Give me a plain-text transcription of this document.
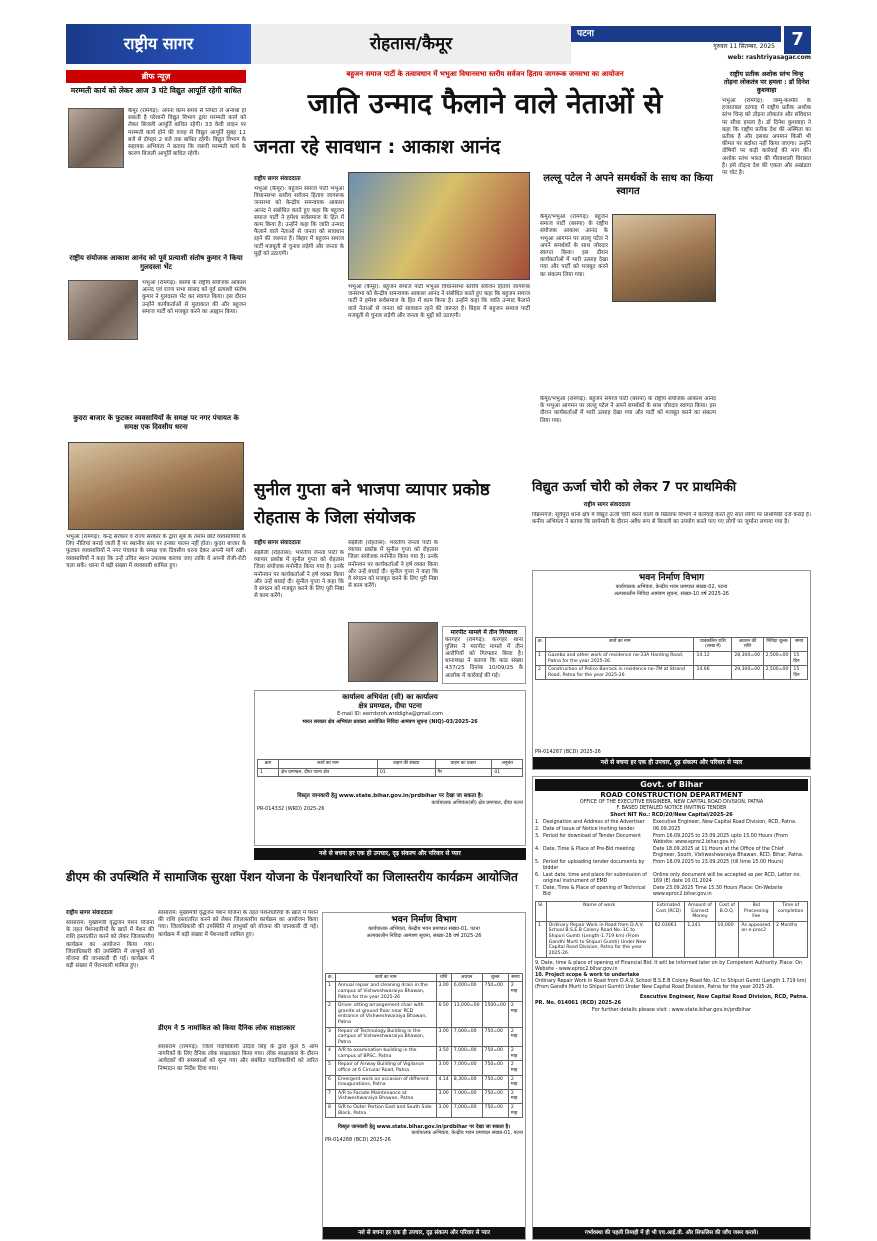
राष्ट्रीय सागर	रोहतास/कैमूर	पटना
गुरुवार 11 सितम्बर, 2025
web: rashtriyasagar.com
7
ब्रीफ न्यूज़
मरम्मती कार्य को लेकर आज 3 घंटे विद्युत आपूर्ति रहेगी बाधित
कैमूर (रामगढ़): अपना काम समय से निपटा लें अन्यथा हो सकती है परेशानी विद्युत विभाग द्वारा मरम्मती कार्य को लेकर बिजली आपूर्ति बाधित रहेगी। 33 केवी लाइन पर मरम्मती कार्य होने की वजह से विद्युत आपूर्ति सुबह 11 बजे से दोपहर 2 बजे तक बाधित रहेगी। विद्युत विभाग के सहायक अभियंता ने बताया कि जरूरी मरम्मती कार्य के कारण बिजली आपूर्ति बाधित रहेगी।
राष्ट्रीय संयोजक आकाश आनंद को पूर्व प्रत्याशी संतोष कुमार ने किया गुलदस्ता भेंट
भभुआ (रामगढ़): बसपा के राष्ट्रीय संयोजक आकाश आनंद एवं राज्य सभा सांसद को पूर्व प्रत्याशी संतोष कुमार ने गुलदस्ता भेंट कर स्वागत किया। इस दौरान उन्होंने कार्यकर्ताओं से मुलाकात की और बहुजन समाज पार्टी को मजबूत करने का आह्वान किया।
कुदरा बाजार के फुटकर व्यवसायियों के समक्ष पर नगर पंचायत के समक्ष एक दिवसीय धरना
भभुआ (रामगढ़): केन्द्र सरकार व राज्य सरकार के द्वारा सूबे के तमाम छोटे व्यवसायियों के लिए नीतियां बनाई जाती हैं पर स्थानीय स्तर पर इनका पालन नहीं होता। कुदरा बाजार के फुटकर व्यवसायियों ने नगर पंचायत के समक्ष एक दिवसीय धरना देकर अपनी मांगें रखीं। व्यवसायियों ने कहा कि उन्हें उचित स्थान उपलब्ध कराया जाए ताकि वे अपनी रोजी-रोटी चला सकें। धरना में बड़ी संख्या में व्यवसायी शामिल हुए।
बहुजन समाज पार्टी के तत्वावधान में भभुआ विधानसभा स्तरीय सर्वजन हिताय जागरूक जनसभा का आयोजन
जाति उन्माद फैलाने वाले नेताओं से
जनता रहे सावधान : आकाश आनंद
राष्ट्रीय सागर संवाददाता
भभुआ (कैमूर): बहुजन समाज पार्टी भभुआ विधानसभा स्तरीय सर्वजन हिताय जागरूक जनसभा को केन्द्रीय समन्वयक आकाश आनंद ने संबोधित करते हुए कहा कि बहुजन समाज पार्टी ने हमेशा सर्वसमाज के हित में काम किया है। उन्होंने कहा कि जाति उन्माद फैलाने वाले नेताओं से जनता को सावधान रहने की जरूरत है। बिहार में बहुजन समाज पार्टी मजबूती से चुनाव लड़ेगी और जनता के मुद्दों को उठाएगी।
भभुआ (कैमूर): बहुजन समाज पार्टी भभुआ विधानसभा स्तरीय सर्वजन हिताय जागरूक जनसभा को केन्द्रीय समन्वयक आकाश आनंद ने संबोधित करते हुए कहा कि बहुजन समाज पार्टी ने हमेशा सर्वसमाज के हित में काम किया है। उन्होंने कहा कि जाति उन्माद फैलाने वाले नेताओं से जनता को सावधान रहने की जरूरत है। बिहार में बहुजन समाज पार्टी मजबूती से चुनाव लड़ेगी और जनता के मुद्दों को उठाएगी।
लल्लू पटेल ने अपने समर्थकों के साथ का किया स्वागत
कैमूर/भभुआ (रामगढ़): बहुजन समाज पार्टी (बसपा) के राष्ट्रीय संयोजक आकाश आनंद के भभुआ आगमन पर लल्लू पटेल ने अपने समर्थकों के साथ जोरदार स्वागत किया। इस दौरान कार्यकर्ताओं में भारी उत्साह देखा गया और पार्टी को मजबूत करने का संकल्प लिया गया।
कैमूर/भभुआ (रामगढ़): बहुजन समाज पार्टी (बसपा) के राष्ट्रीय संयोजक आकाश आनंद के भभुआ आगमन पर लल्लू पटेल ने अपने समर्थकों के साथ जोरदार स्वागत किया। इस दौरान कार्यकर्ताओं में भारी उत्साह देखा गया और पार्टी को मजबूत करने का संकल्प लिया गया।
राष्ट्रीय प्रतीक अशोक स्तंभ चिन्ह तोड़ना लोकतंत्र पर हमला : डॉ दिनेश कुशवाहा
भभुआ (रामगढ़): जम्मू-कश्मीर के हजरतबल दरगाह में राष्ट्रीय प्रतीक अशोक स्तंभ चिन्ह को तोड़ना लोकतंत्र और संविधान पर सीधा हमला है। डॉ दिनेश कुशवाहा ने कहा कि राष्ट्रीय प्रतीक देश की अस्मिता का प्रतीक है और इसका अपमान किसी भी कीमत पर बर्दाश्त नहीं किया जाएगा। उन्होंने दोषियों पर कड़ी कार्रवाई की मांग की। अशोक स्तंभ भारत की गौरवशाली विरासत है। इसे तोड़ना देश की एकता और अखंडता पर चोट है।
सुनील गुप्ता बने भाजपा व्यापार प्रकोष्ठ रोहतास के जिला संयोजक
राष्ट्रीय सागर संवाददाता
संझौली (रोहतास): भारतीय जनता पार्टी के व्यापार प्रकोष्ठ में सुनील गुप्ता को रोहतास जिला संयोजक मनोनीत किया गया है। उनके मनोनयन पर कार्यकर्ताओं ने हर्ष व्यक्त किया और उन्हें बधाई दी। सुनील गुप्ता ने कहा कि वे संगठन को मजबूत करने के लिए पूरी निष्ठा से काम करेंगे।
संझौली (रोहतास): भारतीय जनता पार्टी के व्यापार प्रकोष्ठ में सुनील गुप्ता को रोहतास जिला संयोजक मनोनीत किया गया है। उनके मनोनयन पर कार्यकर्ताओं ने हर्ष व्यक्त किया और उन्हें बधाई दी। सुनील गुप्ता ने कहा कि वे संगठन को मजबूत करने के लिए पूरी निष्ठा से काम करेंगे।
मारपीट मामले में तीन गिरफ्तार
करगहर (रामगढ़): करगहर थाना पुलिस ने मारपीट मामले में तीन आरोपियों को गिरफ्तार किया है। थानाध्यक्ष ने बताया कि कांड संख्या 437/25 दिनांक 10/09/25 के आलोक में कार्रवाई की गई।
विद्युत ऊर्जा चोरी को लेकर 7 पर प्राथमिकी
राष्ट्रीय सागर संवाददाता
विक्रमगंज: सूर्यपुरा थाना क्षेत्र में विद्युत ऊर्जा चोरी करने वालों के खिलाफ विभाग ने कार्रवाई करते हुए सात लोगों पर प्राथमिकी दर्ज कराई है। कनीय अभियंता ने बताया कि छापेमारी के दौरान अवैध रूप से बिजली का उपयोग करते पाए गए लोगों पर जुर्माना लगाया गया है।
भवन निर्माण विभाग
कार्यपालक अभियंता, केन्द्रीय भवन प्रमण्डल संख्या-02, पटना
अल्पकालीन निविदा आमंत्रण सूचना, संख्या-10 वर्ष 2025-26
क्र.	कार्य का नाम	प्राक्कलित राशि (लाख में)	अग्रधन की राशि	निविदा शुल्क	समय
1	Gazebo and other work of residence no-33A Harding Road, Patna for the year 2025-26	14.12	28,300=00	2,500=00	15 दिन
2	Construction of Police Barrack in residence no-7M at Strand Road, Patna for the year 2025-26	14.66	29,300=00	2,500=00	15 दिन
PR-014267 (BCD) 2025-26
नशे से बचना हर एक ही उपचार, दृढ़ संकल्प और परिवार से प्यार
कार्यालय अभियंता (सी) का कार्यालय
क्षेत्र प्रमण्डल, दीघा पटना
E-mail ID: eerrdsroh.wrddigha@gmail.com
भारत सरकार क्षेत्र अभियंता प्रवक्ता आयोजित निविदा आमंत्रण सूचना (NIQ)-03/2025-26
क्रम	कार्य का नाम	वाहन की संख्या	वाहन का प्रकार	अनुबंध
1	क्षेत्र प्रमण्डल, दीघा पटना क्षेत्र	01	गैर	01
विस्तृत जानकारी हेतु www.state.bihar.gov.in/prdbihar पर देखा जा सकता है।
कार्यपालक अभियंता(सी) क्षेत्र प्रमण्डल, दीघा पटना
PR-014332 (WRD) 2025-26
नशे से बचना हर एक ही उपचार, दृढ़ संकल्प और परिवार से प्यार
डीएम की उपस्थिति में सामाजिक सुरक्षा पेंशन योजना के पेंशनधारियों का जिलास्तरीय कार्यक्रम आयोजित
राष्ट्रीय सागर संवाददाता
सासाराम: मुख्यमंत्री वृद्धजन पेंशन योजना के तहत पेंशनधारियों के खाते में पेंशन की राशि हस्तांतरित करने को लेकर जिलास्तरीय कार्यक्रम का आयोजन किया गया। जिलाधिकारी की उपस्थिति में लाभुकों को योजना की जानकारी दी गई। कार्यक्रम में बड़ी संख्या में पेंशनधारी शामिल हुए।
सासाराम: मुख्यमंत्री वृद्धजन पेंशन योजना के तहत पेंशनधारियों के खाते में पेंशन की राशि हस्तांतरित करने को लेकर जिलास्तरीय कार्यक्रम का आयोजन किया गया। जिलाधिकारी की उपस्थिति में लाभुकों को योजना की जानकारी दी गई। कार्यक्रम में बड़ी संख्या में पेंशनधारी शामिल हुए।
डीएम ने 5 नामांकित को किया दैनिक लोक साक्षात्कार
सासाराम (रामगढ़): जिला पदाधिकारी उदिता सिंह के द्वारा कुल 5 आम नागरिकों के लिए दैनिक लोक साक्षात्कार किया गया। लोक साक्षात्कार के दौरान आवेदकों की समस्याओं को सुना गया और संबंधित पदाधिकारियों को त्वरित निष्पादन का निर्देश दिया गया।
भवन निर्माण विभाग
कार्यपालक अभियंता, केन्द्रीय भवन प्रमण्डल संख्या-01, पटना
अल्पकालीन निविदा आमंत्रण सूचना, संख्या-28 वर्ष 2025-26
क्र.	कार्य का नाम	राशि	अग्रधन	शुल्क	समय
1	Annual repair and cleaning drain in the campus of Vishweshwaraiya Bhawan, Patna for the year 2025-26	3.00	6,000=00	750=00	2 माह
2	Driver sitting arrangement chair with granite at ground floor near RCD entrance of Vishweshwaraiya Bhawan, Patna	6.50	13,000=00	1500=00	2 माह
3	Repair of Technology Building in the campus of Vishweshwaraiya Bhawan, Patna	3.00	7,000=00	750=00	2 माह
4	A/R to examination building in the campus of BPSC, Patna	3.50	7,000=00	750=00	2 माह
5	Repair of Airway Building of Vigilance office at 6 Circular Road, Patna	3.00	7,000=00	750=00	2 माह
6	Emergent work on occasion of different Inaugurations, Patna	4.14	8,300=00	750=00	2 माह
7	A/R to Facade Maintenance at Vishweshwaraiya Bhawan, Patna	3.00	7,000=00	750=00	2 माह
8	S/R to Outer Portion East and South Side Block, Patna	3.00	7,000=00	750=00	2 माह
विस्तृत जानकारी हेतु www.state.bihar.gov.in/prdbihar पर देखा जा सकता है।
कार्यपालक अभियंता, केन्द्रीय भवन प्रमण्डल संख्या-01, पटना
PR-014268 (BCD) 2025-26
नशे से बचना हर एक ही उपचार, दृढ़ संकल्प और परिवार से प्यार
Govt. of Bihar
ROAD CONSTRUCTION DEPARTMENT
OFFICE OF THE EXECUTIVE ENGINEER, NEW CAPITAL ROAD DIVISION, PATNA
F. BASED DETAILED NOTICE INVITING TENDER
Short NIT No.: RCD/20/New Capital/2025-26
1. Designation and Address of the Advertiser	Executive Engineer, New Capital Road Division, RCD, Patna.
2. Date of Issue of Notice Inviting tender	06.09.2025
3. Period for download of Tender Document	From 16.09.2025 to 23.09.2025 upto 15.00 Hours (From Website: www.eproc2.bihar.gov.in)
4. Date, Time & Place of Pre-Bid meeting	Date 18.09.2025 at 11 Hours at the Office of the Chief Engineer, South, Vishweshwaraiya Bhawan, RCD, Bihar, Patna.
5. Period for uploading tender documents by bidder
From 16.09.2025 to 23.09.2025 (till time 15.00 Hours)
6. Last date, time and place for submission of original instrument of EMD
Online only document will be accepted as per RCD, Letter no. 169 (E) date 10.01.2024
7. Date, Time & Place of opening of Technical Bid
Date 23.09.2025 Time 15.30 Hours Place: On-Website www.eproc2.bihar.gov.in
Sl.	Name of work	Estimated Cost (RCD)	Amount of Earnest Money	Cost of B.O.Q.	Bid Processing Fee	Time of completion
1	Ordinary Repair Work in Road from D.A.V. School B.S.E.B Colony Road No.-1C to Shipuri Gumti (Length-1.719 km) (From Gandhi Murti to Shipuri Gumti) Under New Capital Road Division, Patna for the year 2025-26.	62.03063	1,241	10,000	As appeared on e-proc2	2 Months
9. Date, time & place of opening of Financial Bid: It will be informed later on by Competent Authority. Place: On Website - www.eproc2.bihar.gov.in
10. Project scope & work to undertake
Ordinary Repair Work in Road from D.A.V. School B.S.E.B Colony Road No.-1C to Shipuri Gumti (Length 1.719 km) (From Gandhi Murti to Shipuri Gumti) Under New Capital Road Division, Patna for the year 2025-26.
Executive Engineer, New Capital Road Division, RCD, Patna.
PR. No. 014061 (RCD) 2025-26
For further details please visit : www.state.bihar.gov.in/prdbihar
गर्भावस्था की पहली तिमाही में ही भी एच.आई.वी. और सिफलिस की जाँच जरूर कराये।
